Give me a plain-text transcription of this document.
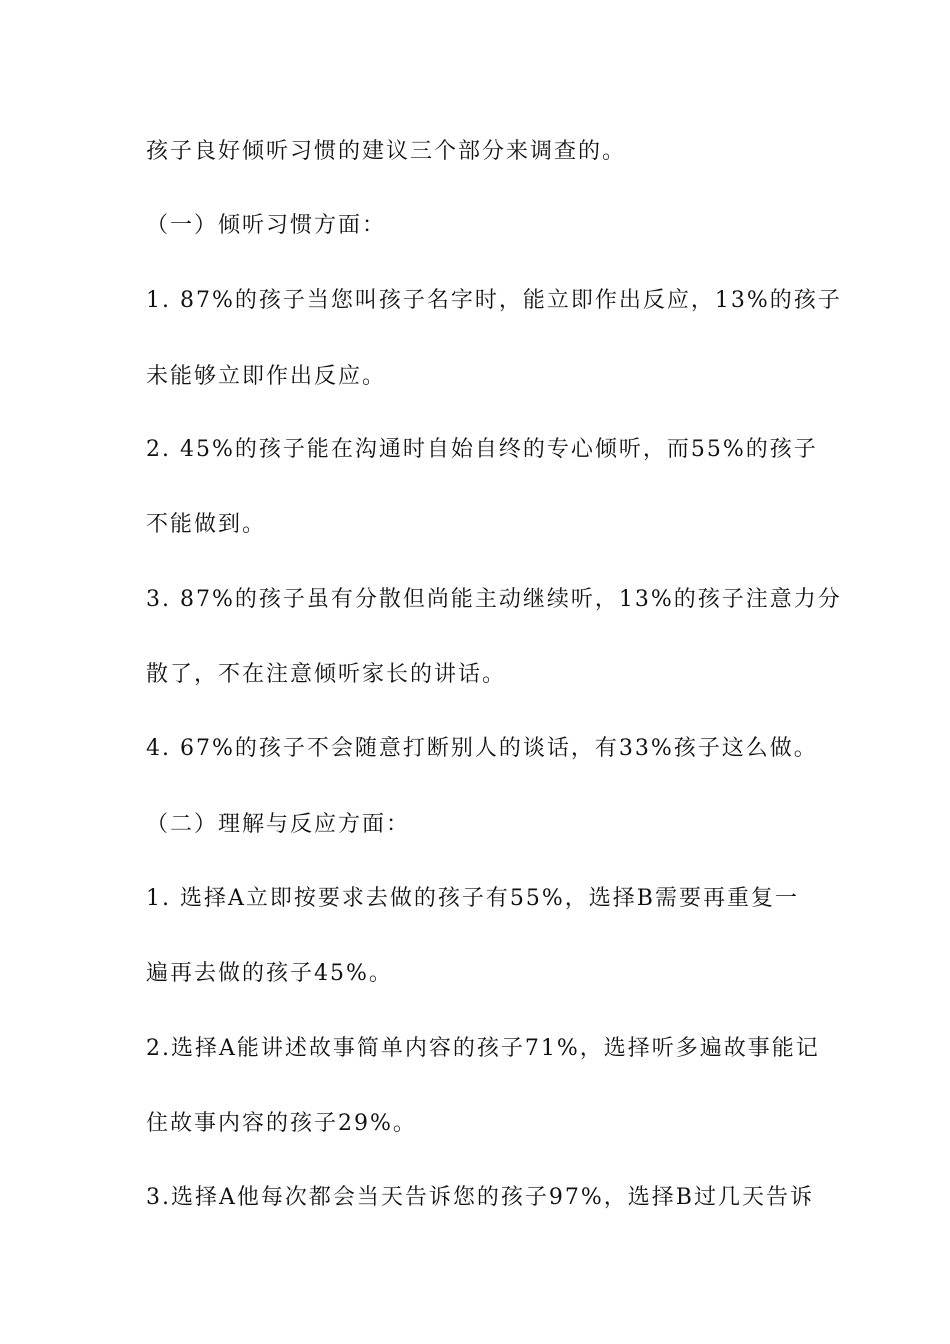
孩子良好倾听习惯的建议三个部分来调查的。
（一）倾听习惯方面：
1. 87%的孩子当您叫孩子名字时，能立即作出反应，13%的孩子
未能够立即作出反应。
2. 45%的孩子能在沟通时自始自终的专心倾听，而55%的孩子
不能做到。
3. 87%的孩子虽有分散但尚能主动继续听，13%的孩子注意力分
散了，不在注意倾听家长的讲话。
4. 67%的孩子不会随意打断别人的谈话，有33%孩子这么做。
（二）理解与反应方面：
1. 选择A立即按要求去做的孩子有55%，选择B需要再重复一
遍再去做的孩子45%。
2.选择A能讲述故事简单内容的孩子71%，选择听多遍故事能记
住故事内容的孩子29%。
3.选择A他每次都会当天告诉您的孩子97%，选择B过几天告诉
